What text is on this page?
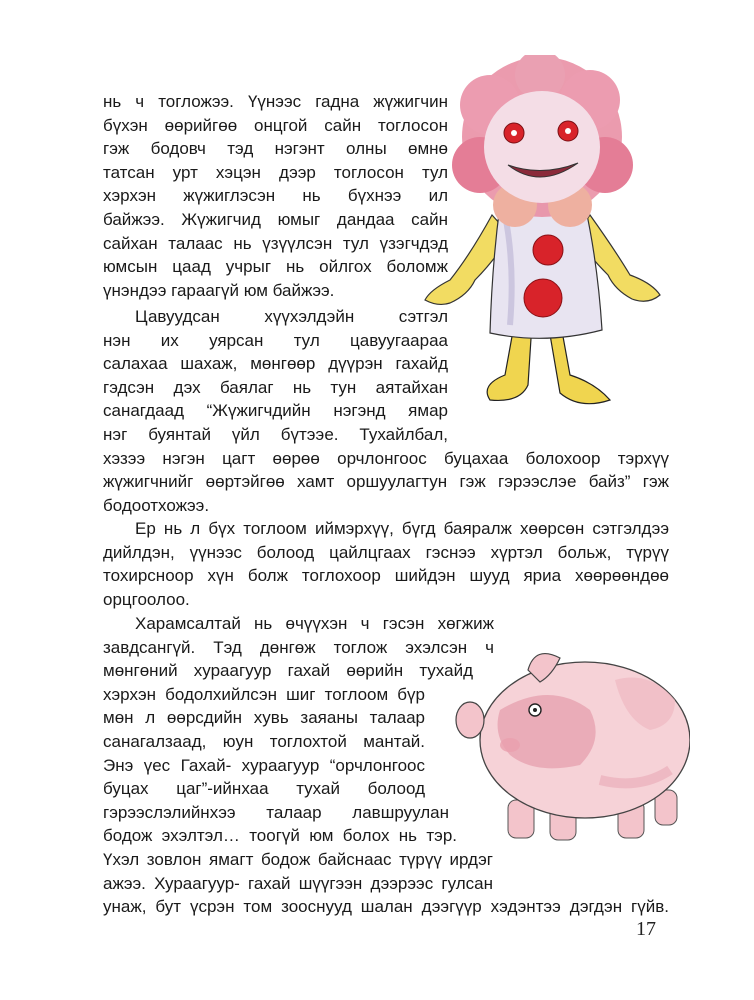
нь ч тогложээ. Үүнээс гадна жүжигчин
бүхэн өөрийгөө онцгой сайн тоглосон
гэж бодовч тэд нэгэнт олны өмнө
татсан урт хэцэн дээр тоглосон тул
хэрхэн жүжиглэсэн нь бүхнээ ил
байжээ. Жүжигчид юмыг дандаа сайн
сайхан талаас нь үзүүлсэн тул үзэгчдэд
юмсын цаад учрыг нь ойлгох боломж
үнэндээ гараагүй юм байжээ.
Цавуудсан хүүхэлдэйн сэтгэл
нэн их уярсан тул цавуугаараа
салахаа шахаж, мөнгөөр дүүрэн гахайд
гэдсэн дэх баялаг нь тун аятайхан
санагдаад “Жүжигчдийн нэгэнд ямар
нэг буянтай үйл бүтээе. Тухайлбал,
хэзээ нэгэн цагт өөрөө орчлонгоос буцахаа болохоор тэрхүү
жүжигчнийг өөртэйгөө хамт оршуулагтун гэж гэрээслэе байз” гэж
бодоотхожээ.
Ер нь л бүх тоглоом иймэрхүү, бүгд баяралж хөөрсөн сэтгэлдээ
дийлдэн, үүнээс болоод цайлцгаах гэснээ хүртэл больж, түрүү
тохирсноор хүн болж тоглохоор шийдэн шууд яриа хөөрөөндөө
орцгоолоо.
Харамсалтай нь өчүүхэн ч гэсэн хөгжиж
завдсангүй. Тэд дөнгөж тоглож эхэлсэн ч
мөнгөний хураагуур гахай өөрийн тухайд
хэрхэн бодолхийлсэн шиг тоглоом бүр
мөн л өөрсдийн хувь заяаны талаар
санагалзаад, юун тоглохтой мантай.
Энэ үес Гахай- хураагуур “орчлонгоос
буцах цаг”-ийнхаа тухай болоод
гэрээслэлийнхээ талаар лавшруулан
бодож эхэлтэл… тоогүй юм болох нь тэр.
Үхэл зовлон ямагт бодож байснаас түрүү ирдэг
ажээ. Хураагуур- гахай шүүгээн дээрээс гулсан
унаж, бут үсрэн том зооснууд шалан дээгүүр хэдэнтээ дэгдэн гүйв.
17
